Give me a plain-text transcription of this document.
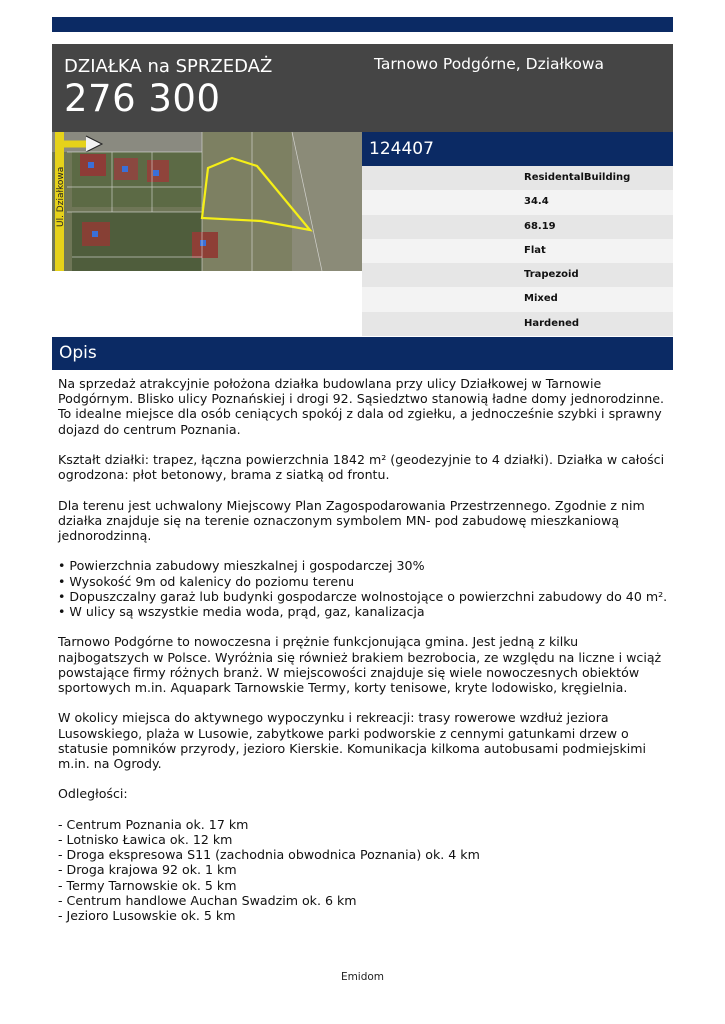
DZIAŁKA na SPRZEDAŻ
276 300
Tarnowo Podgórne, Działkowa
Ul. Działkowa
124407
ResidentalBuilding
34.4
68.19
Flat
Trapezoid
Mixed
Hardened
Opis

Na sprzedaż atrakcyjnie położona działka budowlana przy ulicy Działkowej w Tarnowie Podgórnym. Blisko ulicy Poznańskiej i drogi 92. Sąsiedztwo stanowią ładne domy jednorodzinne. To idealne miejsce dla osób ceniących spokój z dala od zgiełku, a jednocześnie szybki i sprawny dojazd do centrum Poznania.

Kształt działki: trapez, łączna powierzchnia 1842 m² (geodezyjnie to 4 działki). Działka w całości ogrodzona: płot betonowy, brama z siatką od frontu.

Dla terenu jest uchwalony Miejscowy Plan Zagospodarowania Przestrzennego. Zgodnie z nim działka znajduje się na terenie oznaczonym symbolem MN- pod zabudowę mieszkaniową jednorodzinną.

• Powierzchnia zabudowy mieszkalnej i gospodarczej 30%
• Wysokość 9m od kalenicy do poziomu terenu
• Dopuszczalny garaż lub budynki gospodarcze wolnostojące o powierzchni zabudowy do 40 m².
• W ulicy są wszystkie media woda, prąd, gaz, kanalizacja

Tarnowo Podgórne to nowoczesna i prężnie funkcjonująca gmina. Jest jedną z kilku najbogatszych w Polsce. Wyróżnia się również brakiem bezrobocia, ze względu na liczne i wciąż powstające firmy różnych branż. W miejscowości znajduje się wiele nowoczesnych obiektów sportowych m.in. Aquapark Tarnowskie Termy, korty tenisowe, kryte lodowisko, kręgielnia.

W okolicy miejsca do aktywnego wypoczynku i rekreacji: trasy rowerowe wzdłuż jeziora Lusowskiego, plaża w Lusowie, zabytkowe parki podworskie z cennymi gatunkami drzew o statusie pomników przyrody, jezioro Kierskie. Komunikacja kilkoma autobusami podmiejskimi m.in. na Ogrody.

Odległości:

- Centrum Poznania ok. 17 km
- Lotnisko Ławica ok. 12 km
- Droga ekspresowa S11 (zachodnia obwodnica Poznania) ok. 4 km
- Droga krajowa 92 ok. 1 km
- Termy Tarnowskie ok. 5 km
- Centrum handlowe Auchan Swadzim ok. 6 km
- Jezioro Lusowskie ok. 5 km

Emidom
